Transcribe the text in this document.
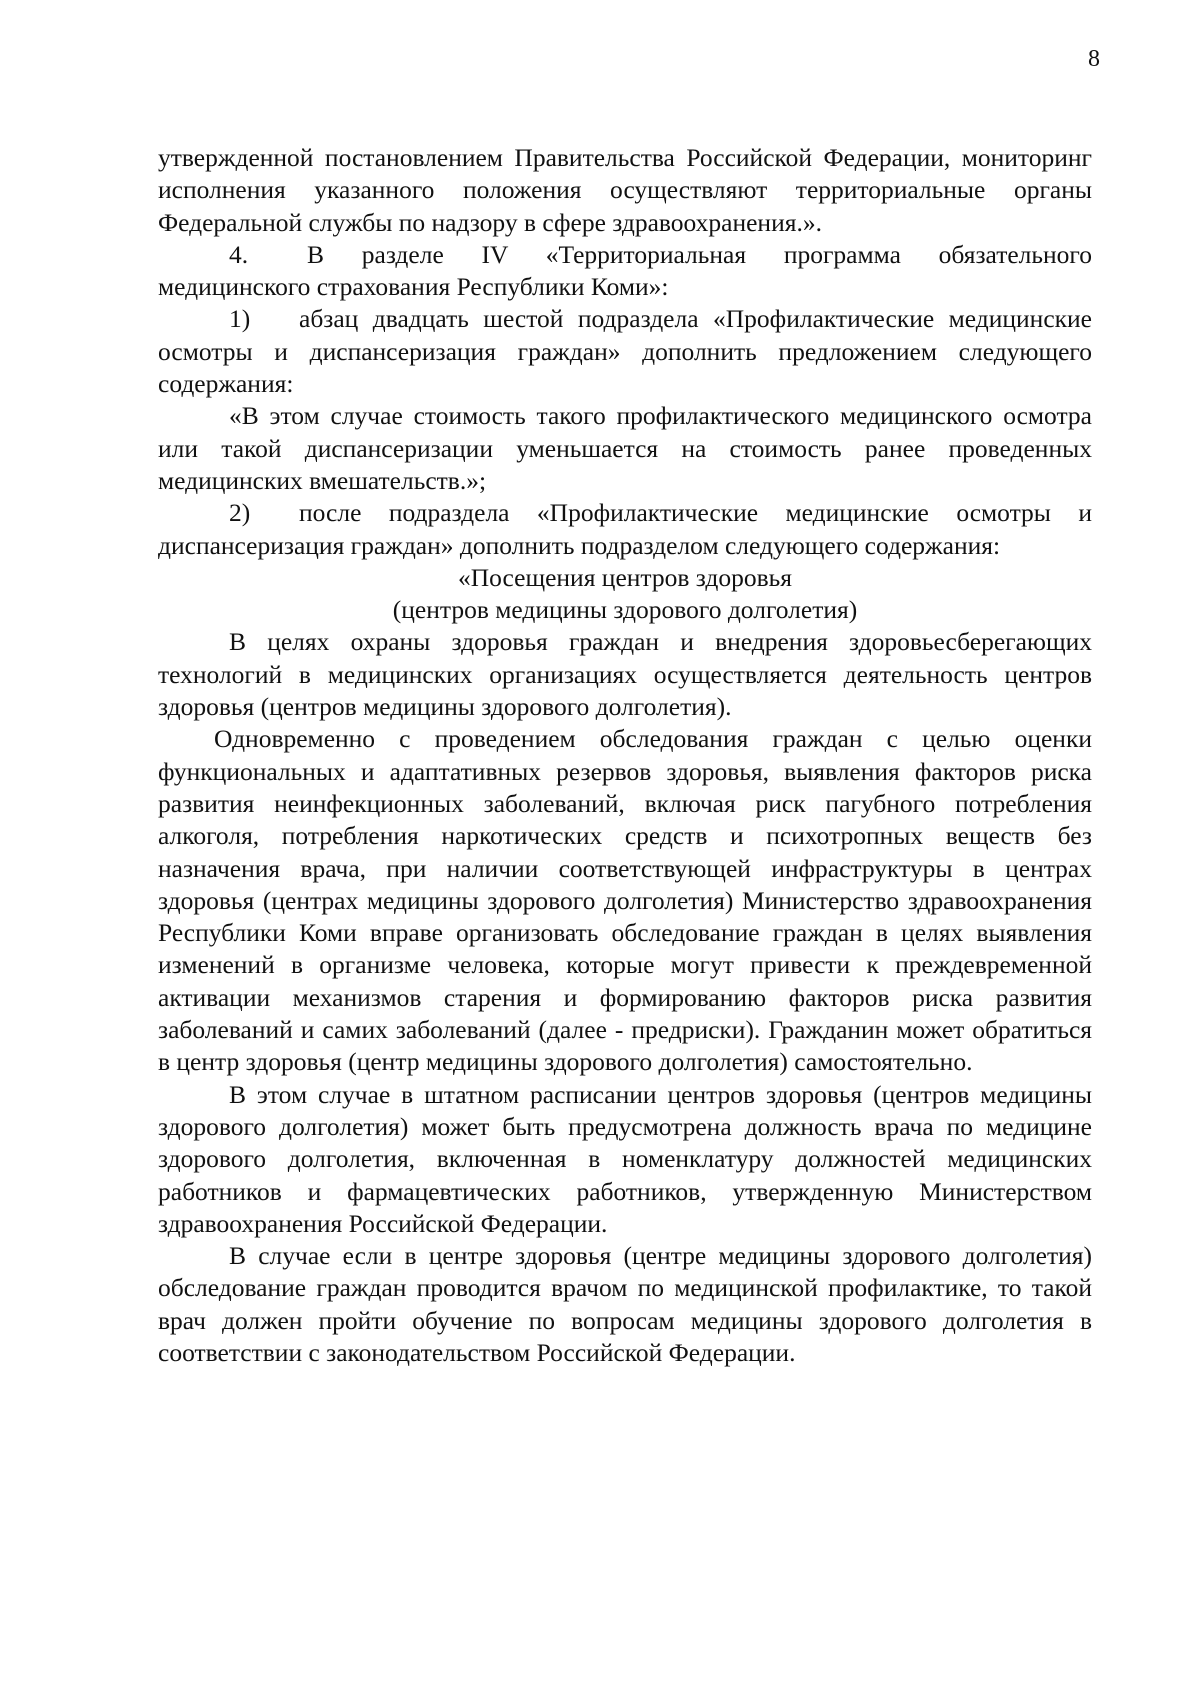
8

утвержденной постановлением Правительства Российской Федерации, мониторинг исполнения указанного положения осуществляют территориальные органы Федеральной службы по надзору в сфере здравоохранения.».

4. В разделе IV «Территориальная программа обязательного медицинского страхования Республики Коми»:

1) абзац двадцать шестой подраздела «Профилактические медицинские осмотры и диспансеризация граждан» дополнить предложением следующего содержания:

«В этом случае стоимость такого профилактического медицинского осмотра или такой диспансеризации уменьшается на стоимость ранее проведенных медицинских вмешательств.»;

2) после подраздела «Профилактические медицинские осмотры и диспансеризация граждан» дополнить подразделом следующего содержания:

«Посещения центров здоровья

(центров медицины здорового долголетия)

В целях охраны здоровья граждан и внедрения здоровьесберегающих технологий в медицинских организациях осуществляется деятельность центров здоровья (центров медицины здорового долголетия).

Одновременно с проведением обследования граждан с целью оценки функциональных и адаптативных резервов здоровья, выявления факторов риска развития неинфекционных заболеваний, включая риск пагубного потребления алкоголя, потребления наркотических средств и психотропных веществ без назначения врача, при наличии соответствующей инфраструктуры в центрах здоровья (центрах медицины здорового долголетия) Министерство здравоохранения Республики Коми вправе организовать обследование граждан в целях выявления изменений в организме человека, которые могут привести к преждевременной активации механизмов старения и формированию факторов риска развития заболеваний и самих заболеваний (далее - предриски). Гражданин может обратиться в центр здоровья (центр медицины здорового долголетия) самостоятельно.

В этом случае в штатном расписании центров здоровья (центров медицины здорового долголетия) может быть предусмотрена должность врача по медицине здорового долголетия, включенная в номенклатуру должностей медицинских работников и фармацевтических работников, утвержденную Министерством здравоохранения Российской Федерации.

В случае если в центре здоровья (центре медицины здорового долголетия) обследование граждан проводится врачом по медицинской профилактике, то такой врач должен пройти обучение по вопросам медицины здорового долголетия в соответствии с законодательством Российской Федерации.
